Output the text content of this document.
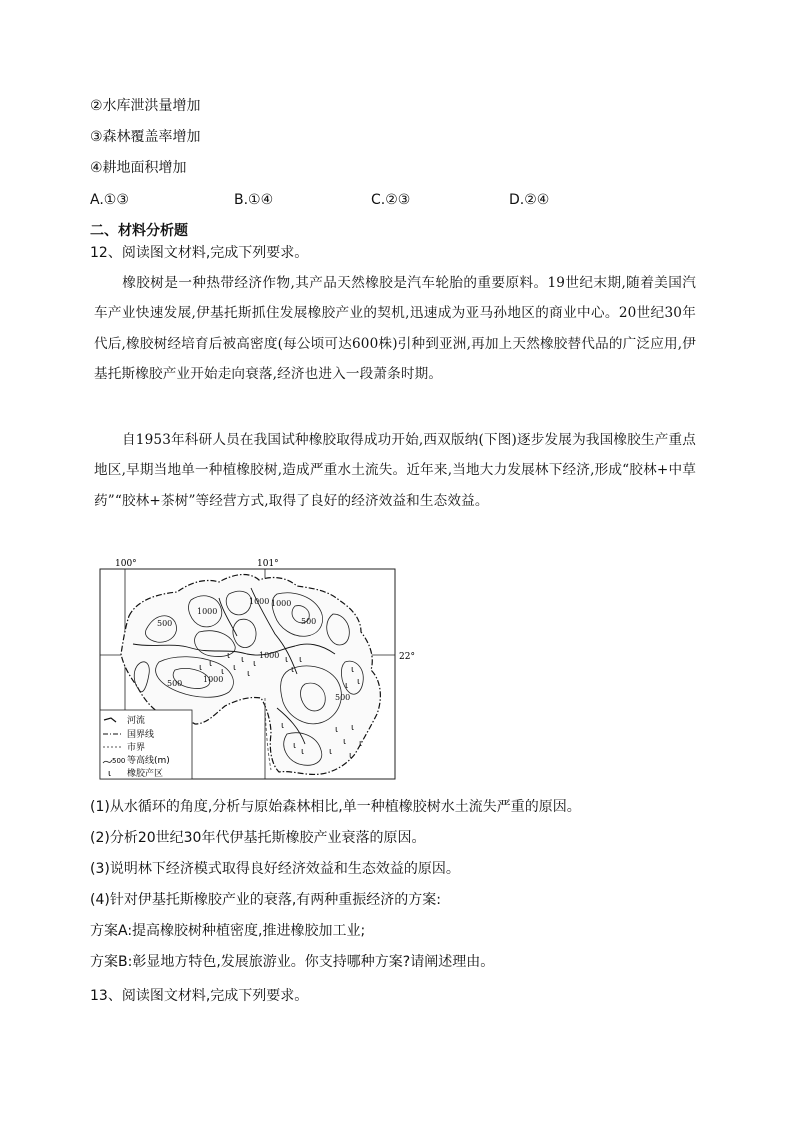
②水库泄洪量增加
③森林覆盖率增加
④耕地面积增加
A.①③	B.①④	C.②③	D.②④
二、材料分析题
12、阅读图文材料,完成下列要求。
橡胶树是一种热带经济作物,其产品天然橡胶是汽车轮胎的重要原料。19世纪末期,随着美国汽车产业快速发展,伊基托斯抓住发展橡胶产业的契机,迅速成为亚马孙地区的商业中心。20世纪30年代后,橡胶树经培育后被高密度(每公顷可达600株)引种到亚洲,再加上天然橡胶替代品的广泛应用,伊基托斯橡胶产业开始走向衰落,经济也进入一段萧条时期。
自1953年科研人员在我国试种橡胶取得成功开始,西双版纳(下图)逐步发展为我国橡胶生产重点地区,早期当地单一种植橡胶树,造成严重水土流失。近年来,当地大力发展林下经济,形成“胶林+中草药”“胶林+茶树”等经营方式,取得了良好的经济效益和生态效益。
100°	101°
22°
500
1000
1000
500
1000
1000
500	1000
500
ɩ
ɩ
ɩ
ɩ
ɩ
ɩ	ɩ
ɩ
ɩ
ɩ
ɩ
ɩ
ɩ
ɩ
ɩ
ɩ ɩ
ɩ
ɩ
ɩ
ɩ
ɩ ɩ
河流
国界线
市界
500 等高线(m)
ɩ 橡胶产区
(1)从水循环的角度,分析与原始森林相比,单一种植橡胶树水土流失严重的原因。
(2)分析20世纪30年代伊基托斯橡胶产业衰落的原因。
(3)说明林下经济模式取得良好经济效益和生态效益的原因。
(4)针对伊基托斯橡胶产业的衰落,有两种重振经济的方案:
方案A:提高橡胶树种植密度,推进橡胶加工业;
方案B:彰显地方特色,发展旅游业。你支持哪种方案?请阐述理由。
13、阅读图文材料,完成下列要求。
